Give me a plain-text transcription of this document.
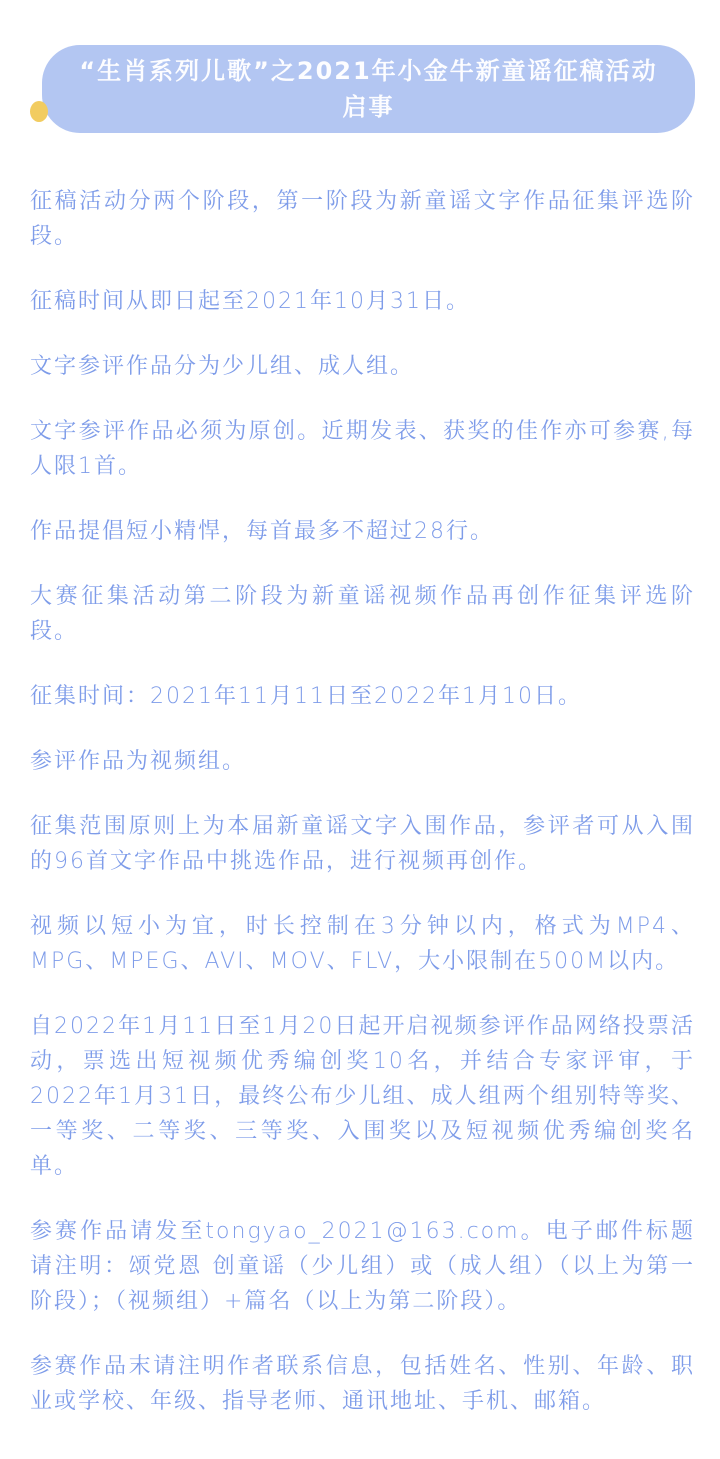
“生肖系列儿歌”之2021年小金牛新童谣征稿活动启事

征稿活动分两个阶段，第一阶段为新童谣文字作品征集评选阶段。

征稿时间从即日起至2021年10月31日。

文字参评作品分为少儿组、成人组。

文字参评作品必须为原创。近期发表、获奖的佳作亦可参赛,每人限1首。

作品提倡短小精悍，每首最多不超过28行。

大赛征集活动第二阶段为新童谣视频作品再创作征集评选阶段。

征集时间：2021年11月11日至2022年1月10日。

参评作品为视频组。

征集范围原则上为本届新童谣文字入围作品，参评者可从入围的96首文字作品中挑选作品，进行视频再创作。

视频以短小为宜，时长控制在3分钟以内，格式为MP4、MPG、MPEG、AVI、MOV、FLV，大小限制在500M以内。

自2022年1月11日至1月20日起开启视频参评作品网络投票活动，票选出短视频优秀编创奖10名，并结合专家评审，于2022年1月31日，最终公布少儿组、成人组两个组别特等奖、一等奖、二等奖、三等奖、入围奖以及短视频优秀编创奖名单。

参赛作品请发至tongyao_2021@163.com。电子邮件标题请注明：颂党恩 创童谣（少儿组）或（成人组）（以上为第一阶段）；（视频组）+篇名（以上为第二阶段）。

参赛作品末请注明作者联系信息，包括姓名、性别、年龄、职业或学校、年级、指导老师、通讯地址、手机、邮箱。
